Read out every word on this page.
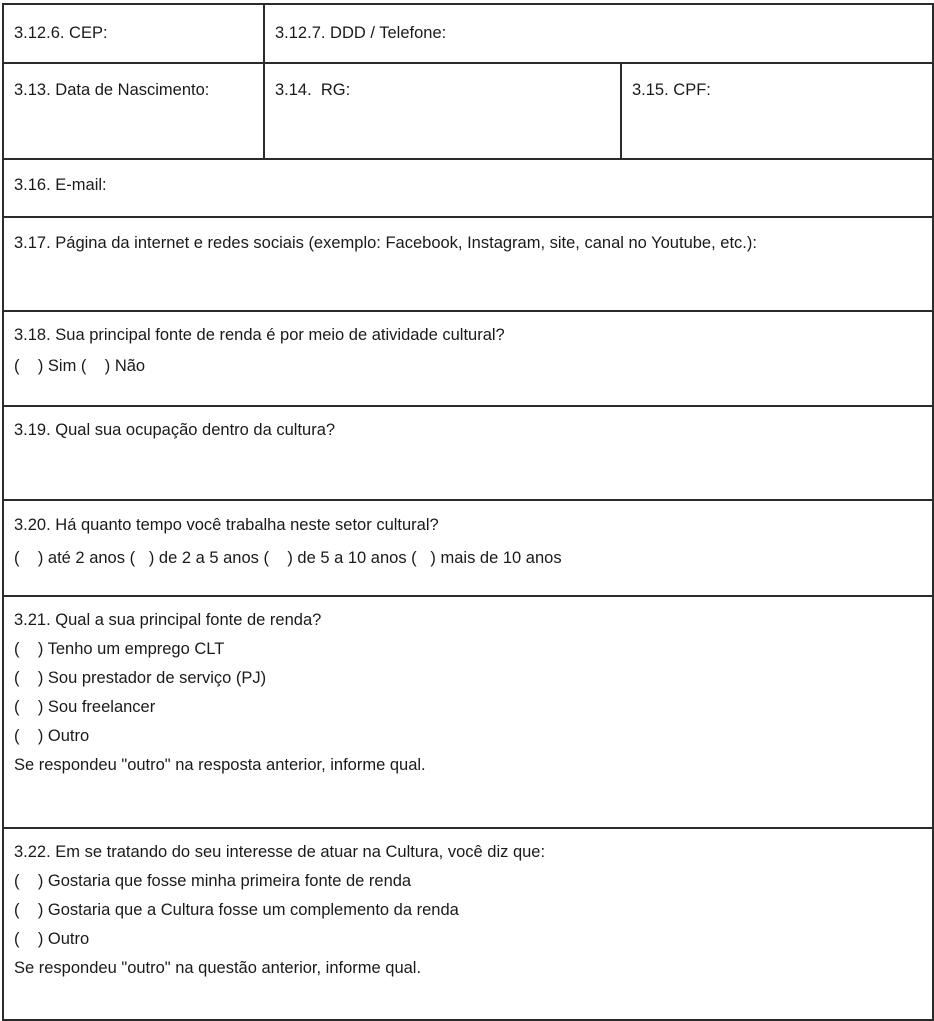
3.12.6. CEP:	3.12.7. DDD / Telefone:
3.13. Data de Nascimento:	3.14.  RG:	3.15. CPF:
3.16. E-mail:
3.17. Página da internet e redes sociais (exemplo: Facebook, Instagram, site, canal no Youtube, etc.):
3.18. Sua principal fonte de renda é por meio de atividade cultural?
(    ) Sim (    ) Não
3.19. Qual sua ocupação dentro da cultura?
3.20. Há quanto tempo você trabalha neste setor cultural?
(    ) até 2 anos (   ) de 2 a 5 anos (    ) de 5 a 10 anos (   ) mais de 10 anos
3.21. Qual a sua principal fonte de renda?
(    ) Tenho um emprego CLT
(    ) Sou prestador de serviço (PJ)
(    ) Sou freelancer
(    ) Outro
Se respondeu "outro" na resposta anterior, informe qual.
3.22. Em se tratando do seu interesse de atuar na Cultura, você diz que:
(    ) Gostaria que fosse minha primeira fonte de renda
(    ) Gostaria que a Cultura fosse um complemento da renda
(    ) Outro
Se respondeu "outro" na questão anterior, informe qual.
